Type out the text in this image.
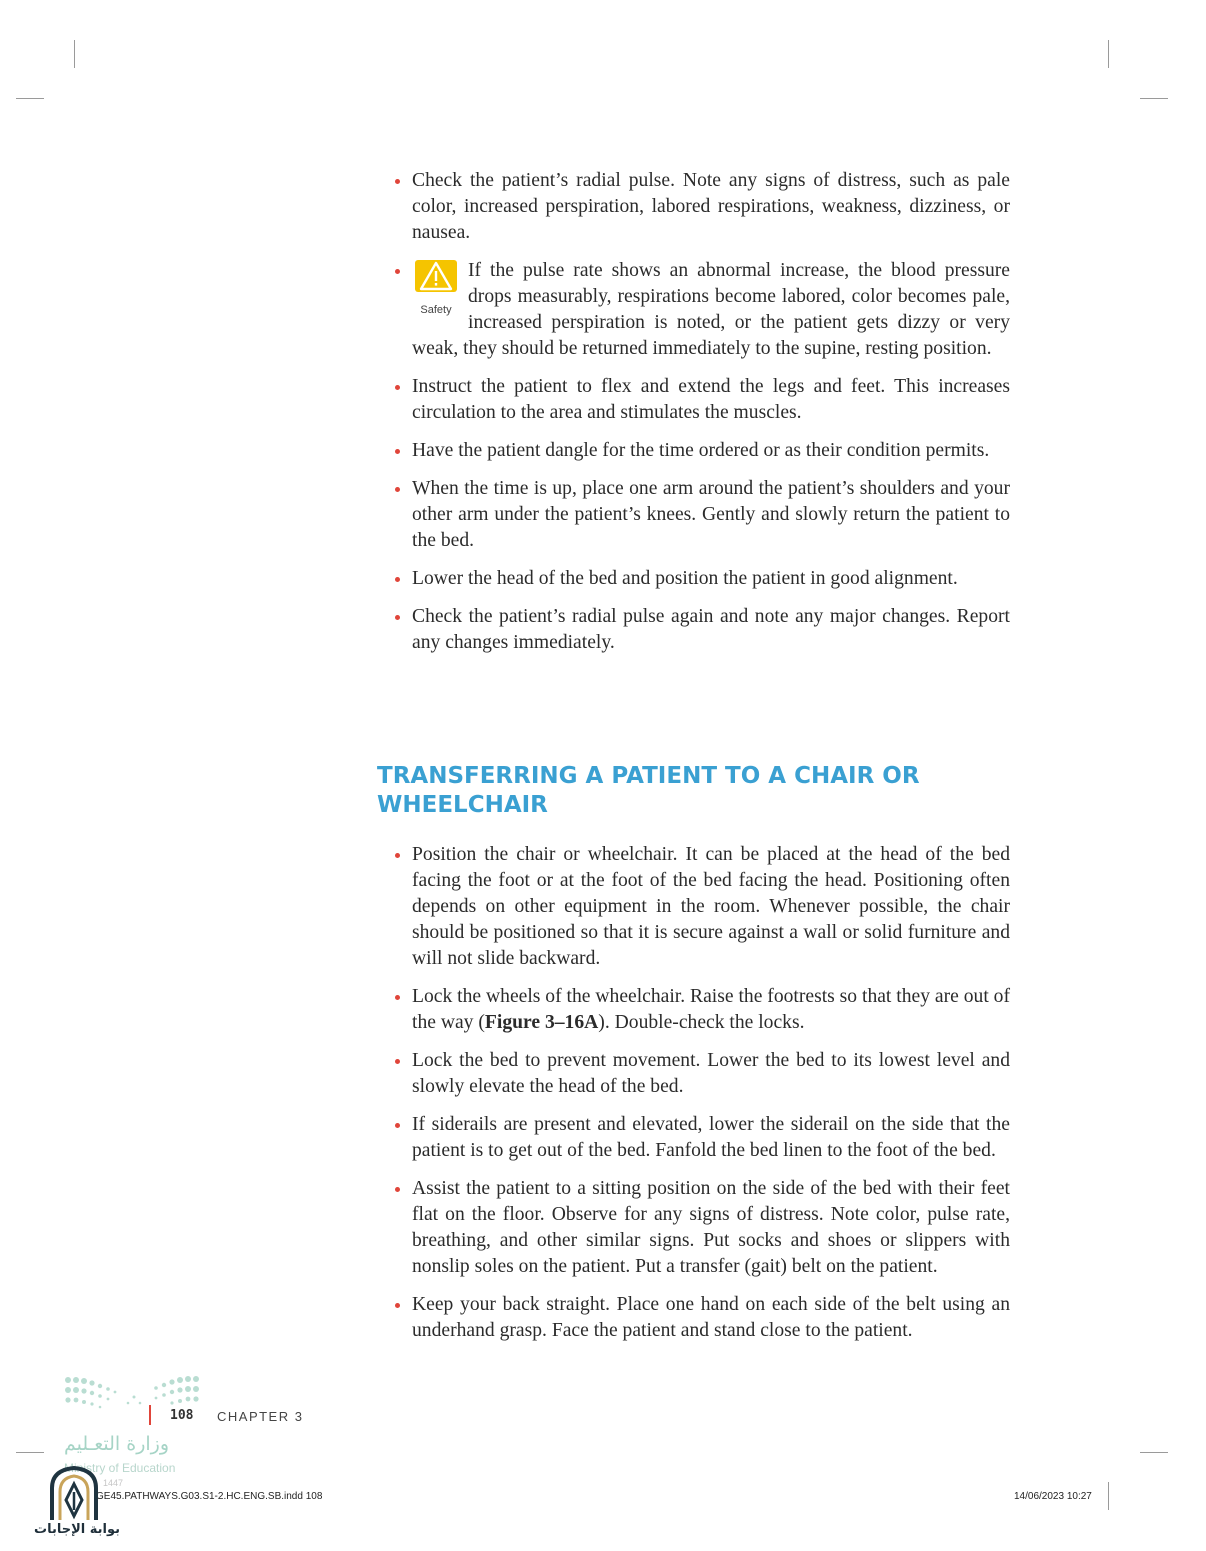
Check the patient’s radial pulse. Note any signs of distress, such as pale color, increased perspiration, labored respirations, weakness, dizziness, or nausea.
Safety
If the pulse rate shows an abnormal increase, the blood pressure drops measurably, respirations become labored, color becomes pale, increased perspiration is noted, or the patient gets dizzy or very weak, they should be returned immediately to the supine, resting position.
Instruct the patient to flex and extend the legs and feet. This increases circulation to the area and stimulates the muscles.
Have the patient dangle for the time ordered or as their condition permits.
When the time is up, place one arm around the patient’s shoulders and your other arm under the patient’s knees. Gently and slowly return the patient to the bed.
Lower the head of the bed and position the patient in good alignment.
Check the patient’s radial pulse again and note any major changes. Report any changes immediately.
TRANSFERRING A PATIENT TO A CHAIR OR WHEELCHAIR
Position the chair or wheelchair. It can be placed at the head of the bed facing the foot or at the foot of the bed facing the head. Positioning often depends on other equipment in the room. Whenever possible, the chair should be positioned so that it is secure against a wall or solid furniture and will not slide backward.
Lock the wheels of the wheelchair. Raise the footrests so that they are out of the way (Figure 3–16A). Double-check the locks.
Lock the bed to prevent movement. Lower the bed to its lowest level and slowly elevate the head of the bed.
If siderails are present and elevated, lower the siderail on the side that the patient is to get out of the bed. Fanfold the bed linen to the foot of the bed.
Assist the patient to a sitting position on the side of the bed with their feet flat on the floor. Observe for any signs of distress. Note color, pulse rate, breathing, and other similar signs. Put socks and shoes or slippers with nonslip soles on the patient. Put a transfer (gait) belt on the patient.
Keep your back straight. Place one hand on each side of the belt using an underhand grasp. Face the patient and stand close to the patient.
108 CHAPTER 3
وزارة التعـليم
Ministry of Education
1447
GE45.PATHWAYS.G03.S1-2.HC.ENG.SB.indd 108	14/06/2023 10:27
بوابة الإجابات
